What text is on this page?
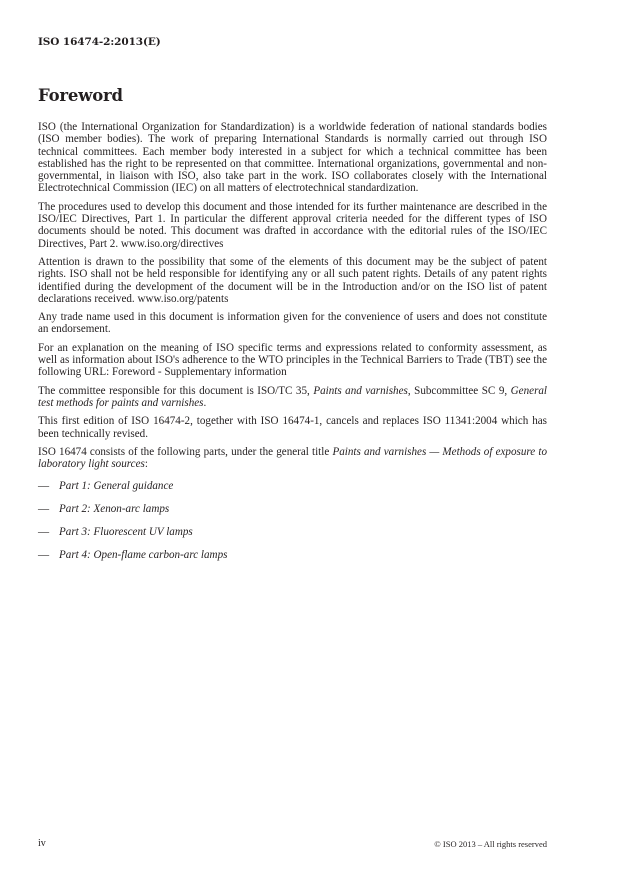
ISO 16474-2:2013(E)
Foreword

ISO (the International Organization for Standardization) is a worldwide federation of national standards bodies (ISO member bodies). The work of preparing International Standards is normally carried out through ISO technical committees. Each member body interested in a subject for which a technical committee has been established has the right to be represented on that committee. International organizations, governmental and non-governmental, in liaison with ISO, also take part in the work. ISO collaborates closely with the International Electrotechnical Commission (IEC) on all matters of electrotechnical standardization.

The procedures used to develop this document and those intended for its further maintenance are described in the ISO/IEC Directives, Part 1. In particular the different approval criteria needed for the different types of ISO documents should be noted. This document was drafted in accordance with the editorial rules of the ISO/IEC Directives, Part 2. www.iso.org/directives

Attention is drawn to the possibility that some of the elements of this document may be the subject of patent rights. ISO shall not be held responsible for identifying any or all such patent rights. Details of any patent rights identified during the development of the document will be in the Introduction and/or on the ISO list of patent declarations received. www.iso.org/patents

Any trade name used in this document is information given for the convenience of users and does not constitute an endorsement.

For an explanation on the meaning of ISO specific terms and expressions related to conformity assessment, as well as information about ISO's adherence to the WTO principles in the Technical Barriers to Trade (TBT) see the following URL: Foreword - Supplementary information

The committee responsible for this document is ISO/TC 35, Paints and varnishes, Subcommittee SC 9, General test methods for paints and varnishes.

This first edition of ISO 16474-2, together with ISO 16474-1, cancels and replaces ISO 11341:2004 which has been technically revised.

ISO 16474 consists of the following parts, under the general title Paints and varnishes — Methods of exposure to laboratory light sources:

— Part 1: General guidance
— Part 2: Xenon-arc lamps
— Part 3: Fluorescent UV lamps
— Part 4: Open-flame carbon-arc lamps
iv	© ISO 2013 – All rights reserved
